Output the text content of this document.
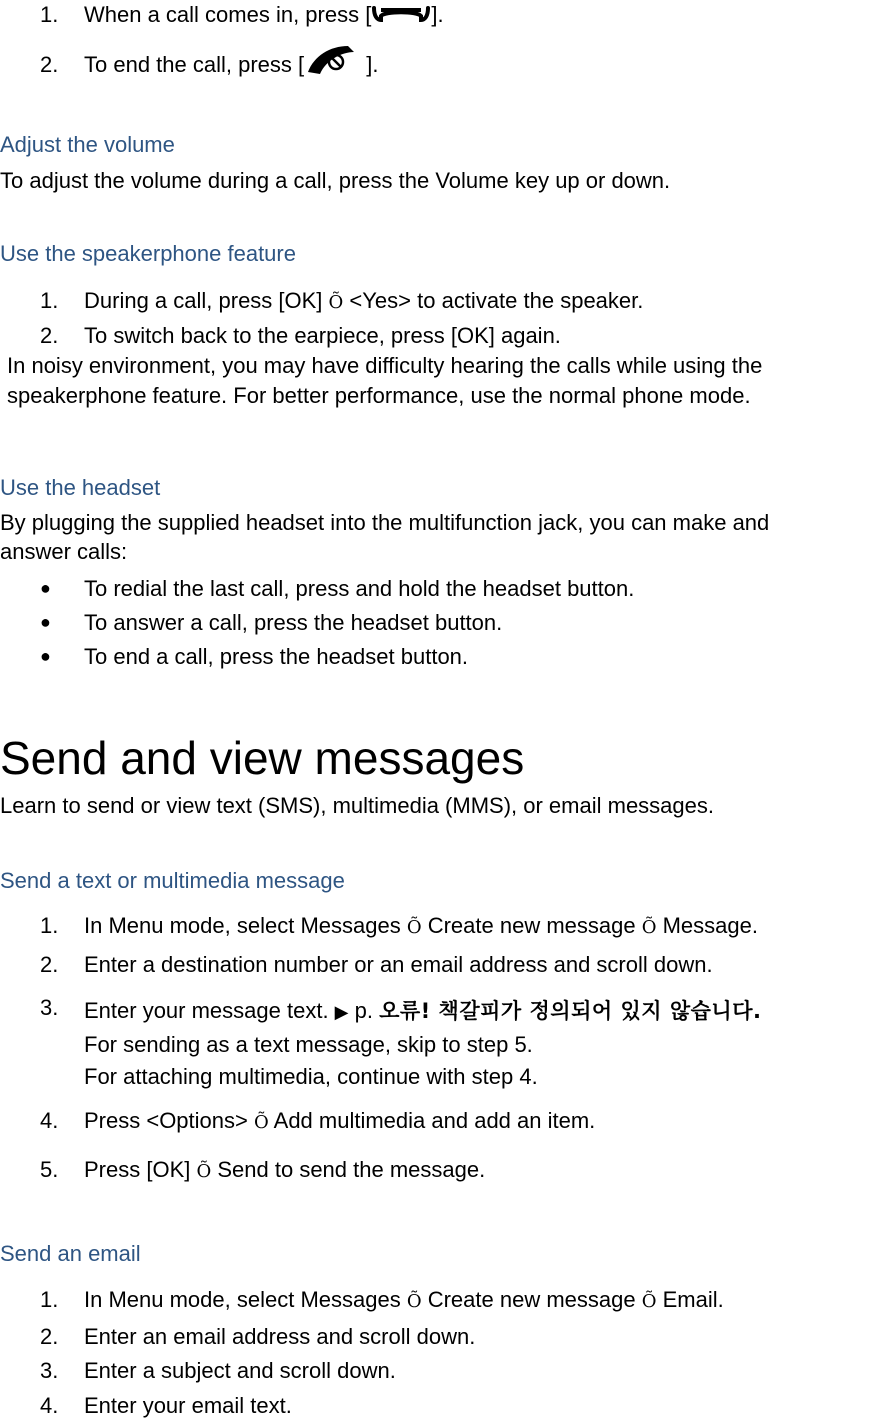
1. When a call comes in, press [	].
2. To end the call, press [	].
Adjust the volume
To adjust the volume during a call, press the Volume key up or down.
Use the speakerphone feature
1. During a call, press [OK] Õ <Yes> to activate the speaker.
2. To switch back to the earpiece, press [OK] again.
In noisy environment, you may have difficulty hearing the calls while using the
speakerphone feature. For better performance, use the normal phone mode.
Use the headset
By plugging the supplied headset into the multifunction jack, you can make and
answer calls:
● To redial the last call, press and hold the headset button.
● To answer a call, press the headset button.
● To end a call, press the headset button.
Send and view messages
Learn to send or view text (SMS), multimedia (MMS), or email messages.
Send a text or multimedia message
1. In Menu mode, select Messages Õ Create new message Õ Message.
2. Enter a destination number or an email address and scroll down.
3. Enter your message text. ▶ p. 오류! 책갈피가 정의되어 있지 않습니다.
For sending as a text message, skip to step 5.
For attaching multimedia, continue with step 4.
4. Press <Options> Õ Add multimedia and add an item.
5. Press [OK] Õ Send to send the message.
Send an email
1. In Menu mode, select Messages Õ Create new message Õ Email.
2. Enter an email address and scroll down.
3. Enter a subject and scroll down.
4. Enter your email text.
